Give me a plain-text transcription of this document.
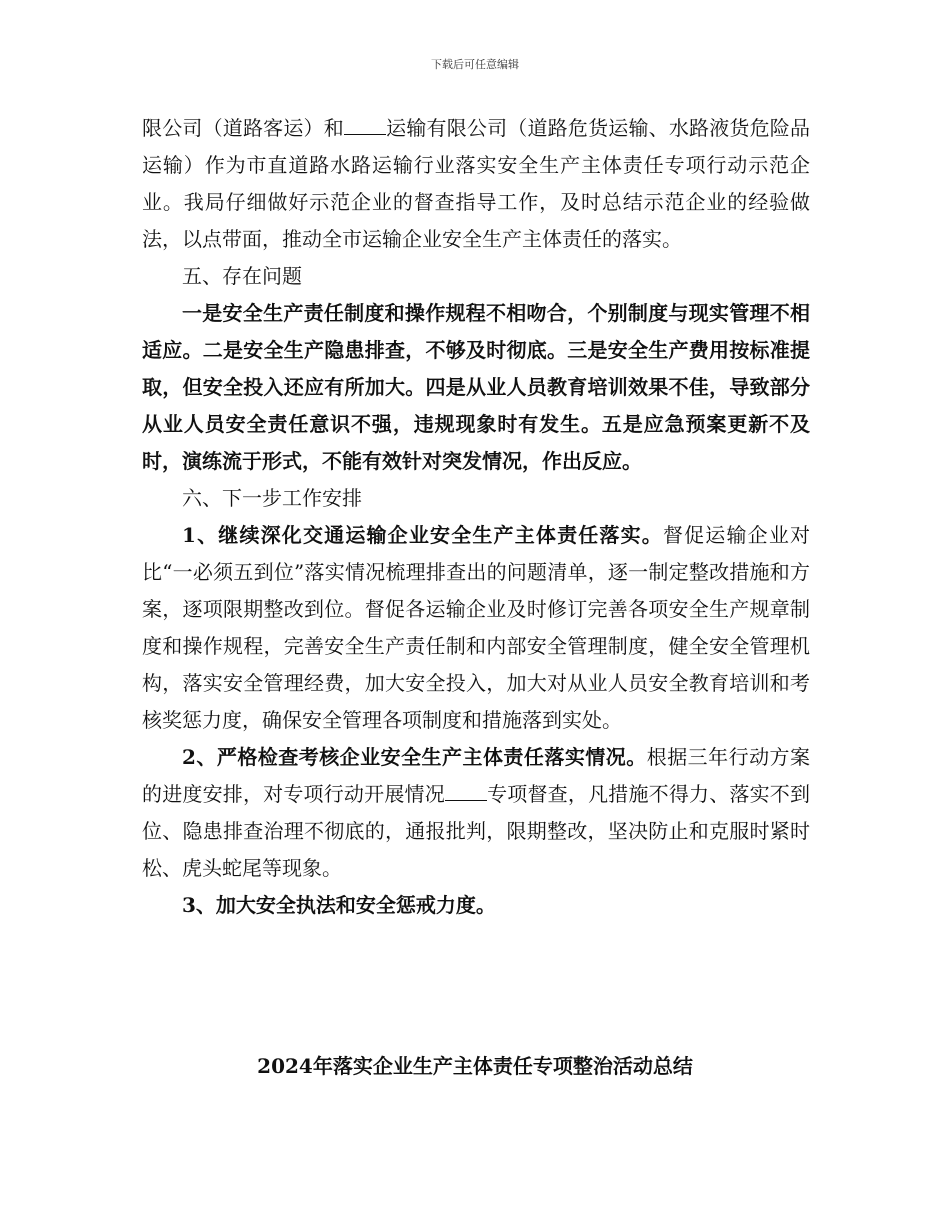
下载后可任意编辑

限公司（道路客运）和 运输有限公司（道路危货运输、水路液货危险品运输）作为市直道路水路运输行业落实安全生产主体责任专项行动示范企业。我局仔细做好示范企业的督查指导工作，及时总结示范企业的经验做法，以点带面，推动全市运输企业安全生产主体责任的落实。

五、存在问题

一是安全生产责任制度和操作规程不相吻合，个别制度与现实管理不相适应。二是安全生产隐患排查，不够及时彻底。三是安全生产费用按标准提取，但安全投入还应有所加大。四是从业人员教育培训效果不佳，导致部分从业人员安全责任意识不强，违规现象时有发生。五是应急预案更新不及时，演练流于形式，不能有效针对突发情况，作出反应。

六、下一步工作安排

1、继续深化交通运输企业安全生产主体责任落实。督促运输企业对比“一必须五到位”落实情况梳理排查出的问题清单，逐一制定整改措施和方案，逐项限期整改到位。督促各运输企业及时修订完善各项安全生产规章制度和操作规程，完善安全生产责任制和内部安全管理制度，健全安全管理机构，落实安全管理经费，加大安全投入，加大对从业人员安全教育培训和考核奖惩力度，确保安全管理各项制度和措施落到实处。

2、严格检查考核企业安全生产主体责任落实情况。根据三年行动方案的进度安排，对专项行动开展情况 专项督查，凡措施不得力、落实不到位、隐患排查治理不彻底的，通报批判，限期整改，坚决防止和克服时紧时松、虎头蛇尾等现象。

3、加大安全执法和安全惩戒力度。

2024年落实企业生产主体责任专项整治活动总结
